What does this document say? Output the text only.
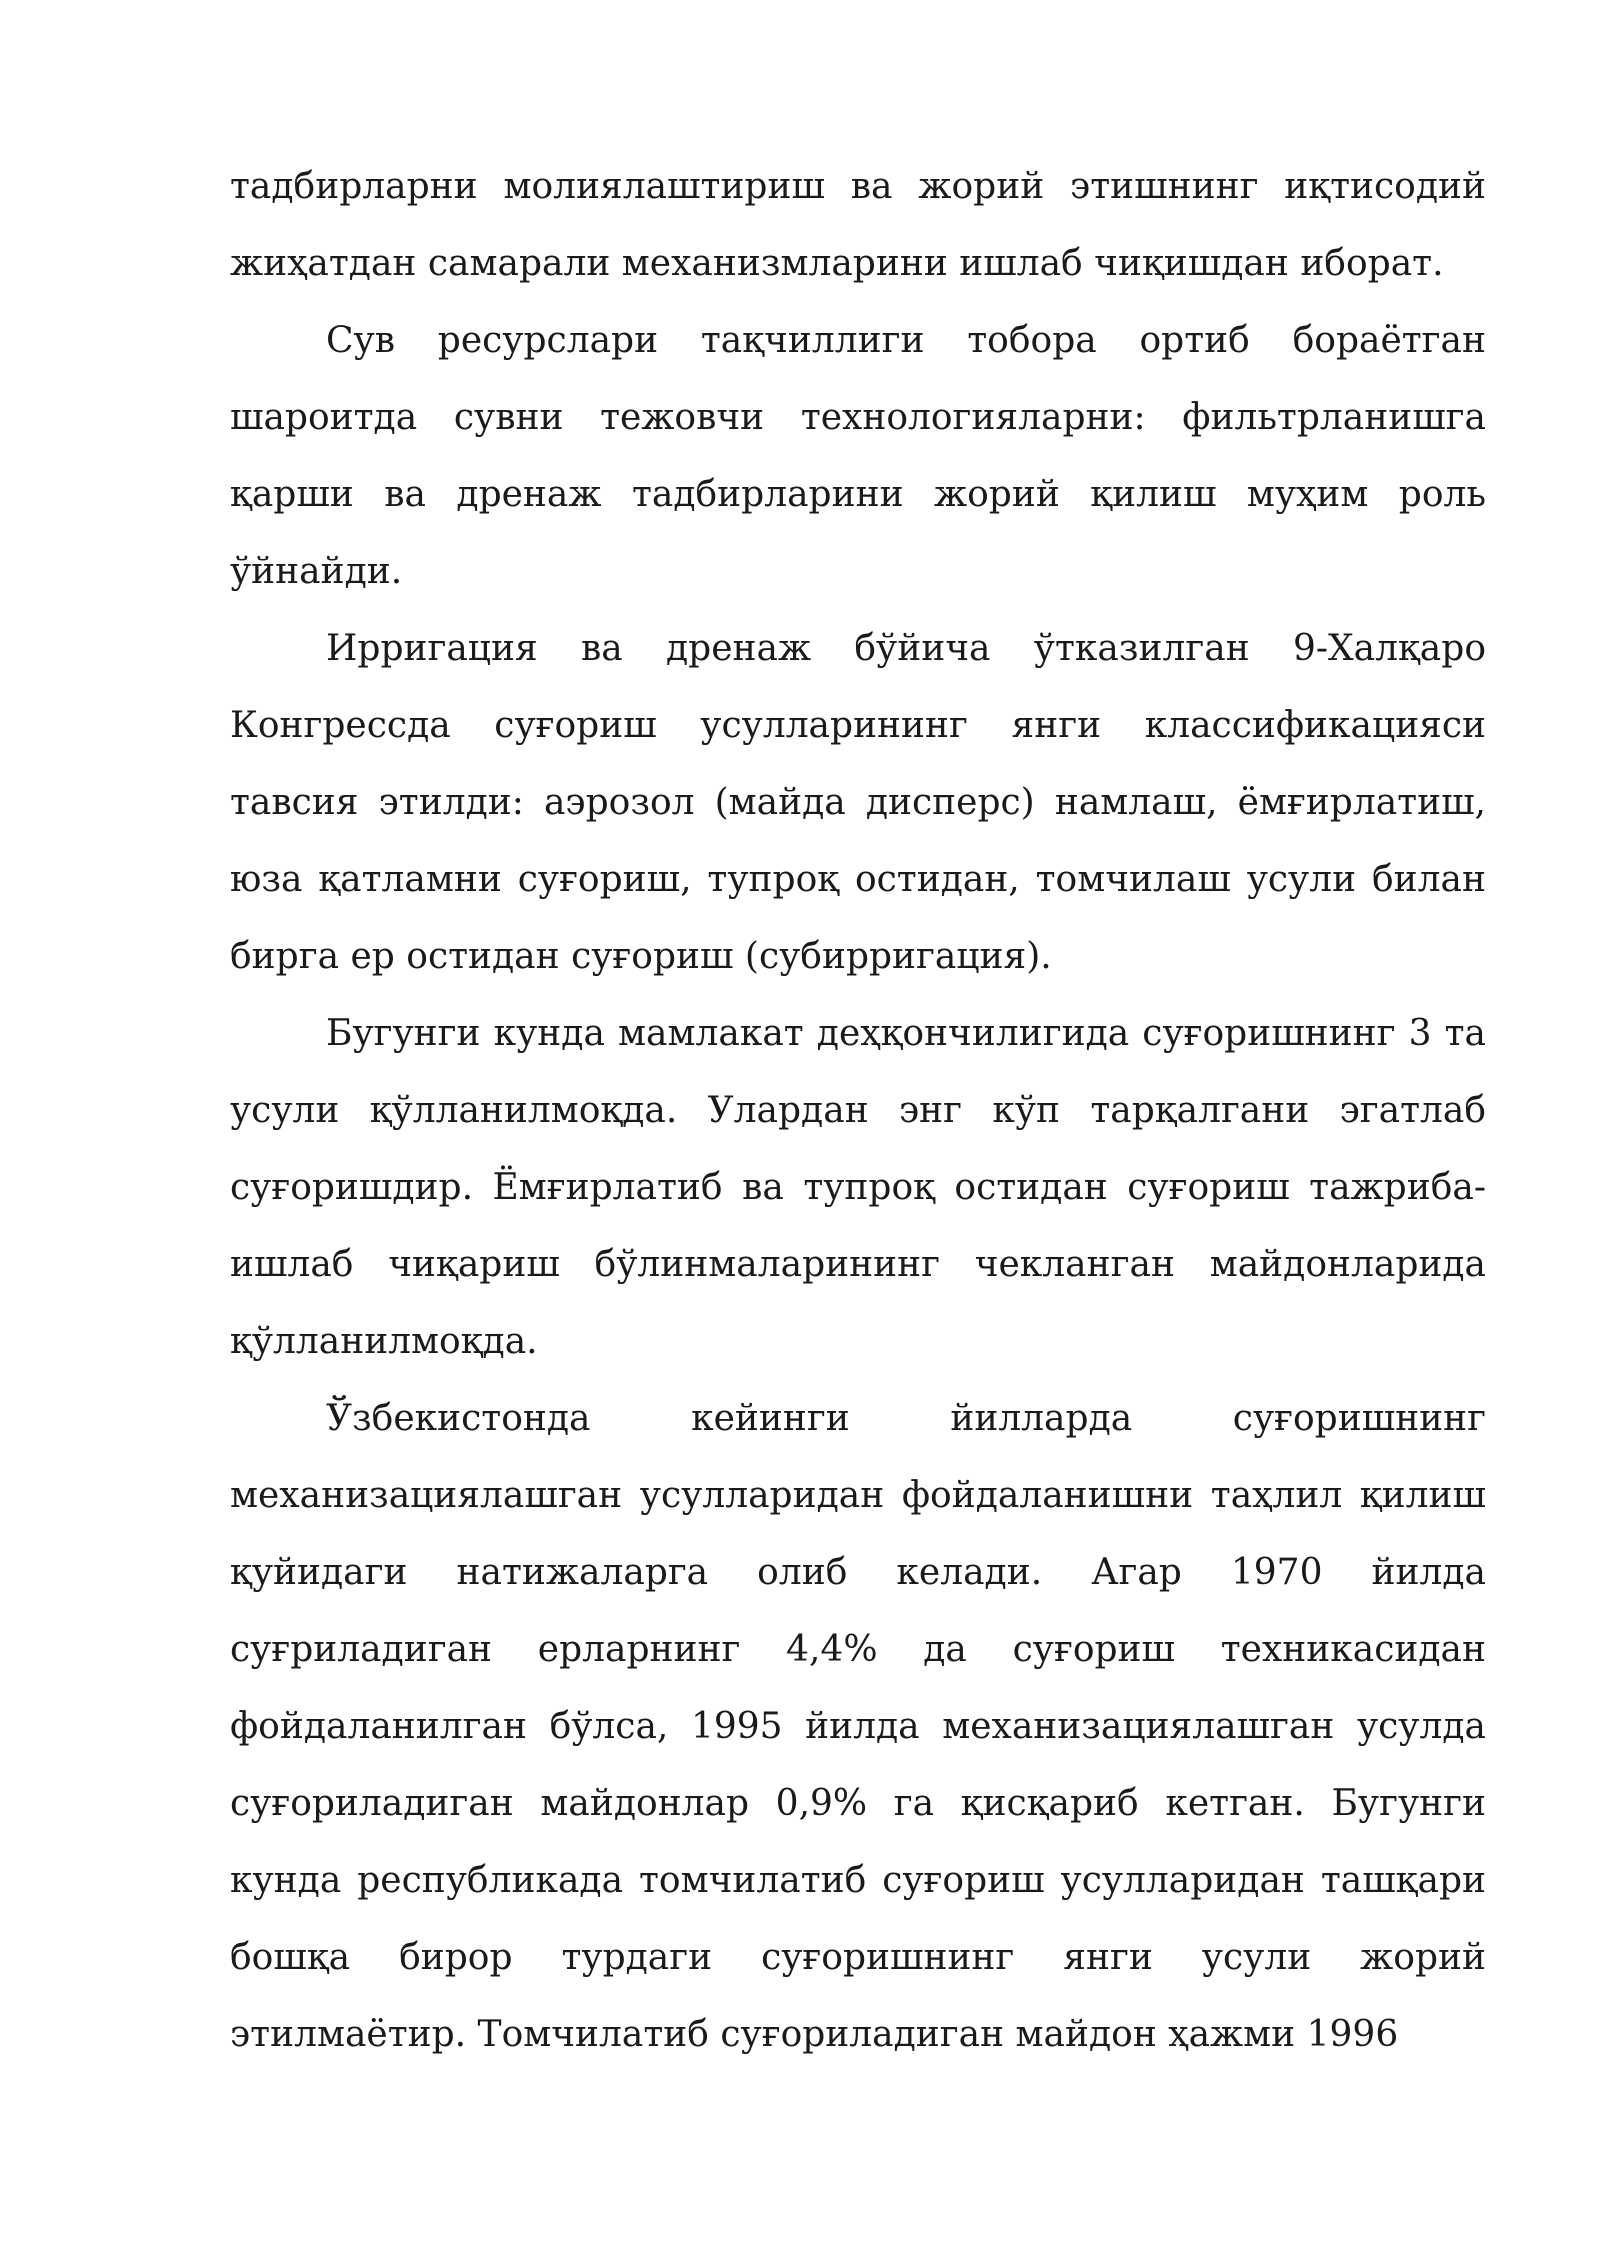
тадбирларни молиялаштириш ва жорий этишнинг иқтисодий жиҳатдан самарали механизмларини ишлаб чиқишдан иборат.

Сув ресурслари тақчиллиги тобора ортиб бораётган шароитда сувни тежовчи технологияларни: фильтрланишга қарши ва дренаж тадбирларини жорий қилиш муҳим роль ўйнайди.

Ирригация ва дренаж бўйича ўтказилган 9-Халқаро Конгрессда суғориш усулларининг янги классификацияси тавсия этилди: аэрозол (майда дисперс) намлаш, ёмғирлатиш, юза қатламни суғориш, тупроқ остидан, томчилаш усули билан бирга ер остидан суғориш (субирригация).

Бугунги кунда мамлакат деҳқончилигида суғоришнинг 3 та усули қўлланилмоқда. Улардан энг кўп тарқалгани эгатлаб суғоришдир. Ёмғирлатиб ва тупроқ остидан суғориш тажриба-ишлаб чиқариш бўлинмаларининг чекланган майдонларида қўлланилмоқда.

Ўзбекистонда кейинги йилларда суғоришнинг механизациялашган усулларидан фойдаланишни таҳлил қилиш қуйидаги натижаларга олиб келади. Агар 1970 йилда суғриладиган ерларнинг 4,4% да суғориш техникасидан фойдаланилган бўлса, 1995 йилда механизациялашган усулда суғориладиган майдонлар 0,9% га қисқариб кетган. Бугунги кунда республикада томчилатиб суғориш усулларидан ташқари бошқа бирор турдаги суғоришнинг янги усули жорий этилмаётир. Томчилатиб суғориладиган майдон ҳажми 1996
